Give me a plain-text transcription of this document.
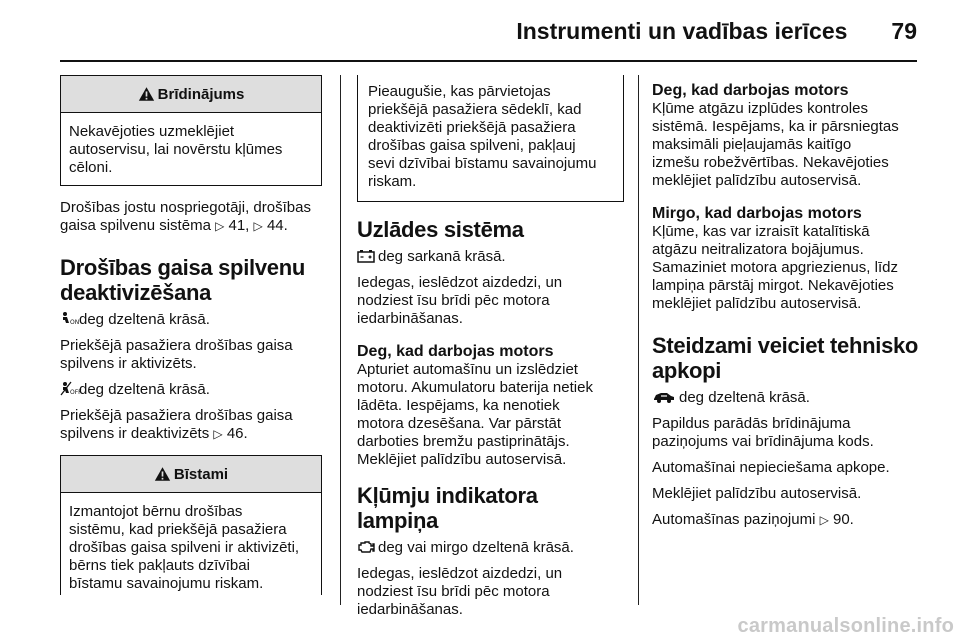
Instrumenti un vadības ierīces 79
Brīdinājums

Nekavējoties uzmeklējiet

autoservisu, lai novērstu kļūmes

cēloni.

Drošības jostu nospriegotāji, drošības

gaisa spilvenu sistēma ▷ 41, ▷ 44.

Drošības gaisa spilvenu
deaktivizēšana

ON deg dzeltenā krāsā.

Priekšējā pasažiera drošības gaisa

spilvens ir aktivizēts.

OFF
deg dzeltenā krāsā.

Priekšējā pasažiera drošības gaisa

spilvens ir deaktivizēts ▷ 46.

Bīstami

Izmantojot bērnu drošības

sistēmu, kad priekšējā pasažiera

drošības gaisa spilveni ir aktivizēti,

bērns tiek pakļauts dzīvībai

bīstamu savainojumu riskam.

Pieaugušie, kas pārvietojas

priekšējā pasažiera sēdeklī, kad

deaktivizēti priekšējā pasažiera

drošības gaisa spilveni, pakļauj

sevi dzīvībai bīstamu savainojumu

riskam.

Uzlādes sistēma

deg sarkanā krāsā.

Iedegas, ieslēdzot aizdedzi, un

nodziest īsu brīdi pēc motora

iedarbināšanas.

Deg, kad darbojas motors

Apturiet automašīnu un izslēdziet

motoru. Akumulatoru baterija netiek

lādēta. Iespējams, ka nenotiek

motora dzesēšana. Var pārstāt

darboties bremžu pastiprinātājs.

Meklējiet palīdzību autoservisā.

Kļūmju indikatora lampiņa

deg vai mirgo dzeltenā krāsā.

Iedegas, ieslēdzot aizdedzi, un

nodziest īsu brīdi pēc motora

iedarbināšanas.

Deg, kad darbojas motors

Kļūme atgāzu izplūdes kontroles

sistēmā. Iespējams, ka ir pārsniegtas

maksimāli pieļaujamās kaitīgo

izmešu robežvērtības. Nekavējoties

meklējiet palīdzību autoservisā.

Mirgo, kad darbojas motors

Kļūme, kas var izraisīt katalītiskā

atgāzu neitralizatora bojājumus.

Samaziniet motora apgriezienus, līdz

lampiņa pārstāj mirgot. Nekavējoties

meklējiet palīdzību autoservisā.

Steidzami veiciet tehnisko
apkopi

deg dzeltenā krāsā.

Papildus parādās brīdinājuma

paziņojums vai brīdinājuma kods.

Automašīnai nepieciešama apkope.

Meklējiet palīdzību autoservisā.

Automašīnas paziņojumi ▷ 90.

carmanualsonline.info
